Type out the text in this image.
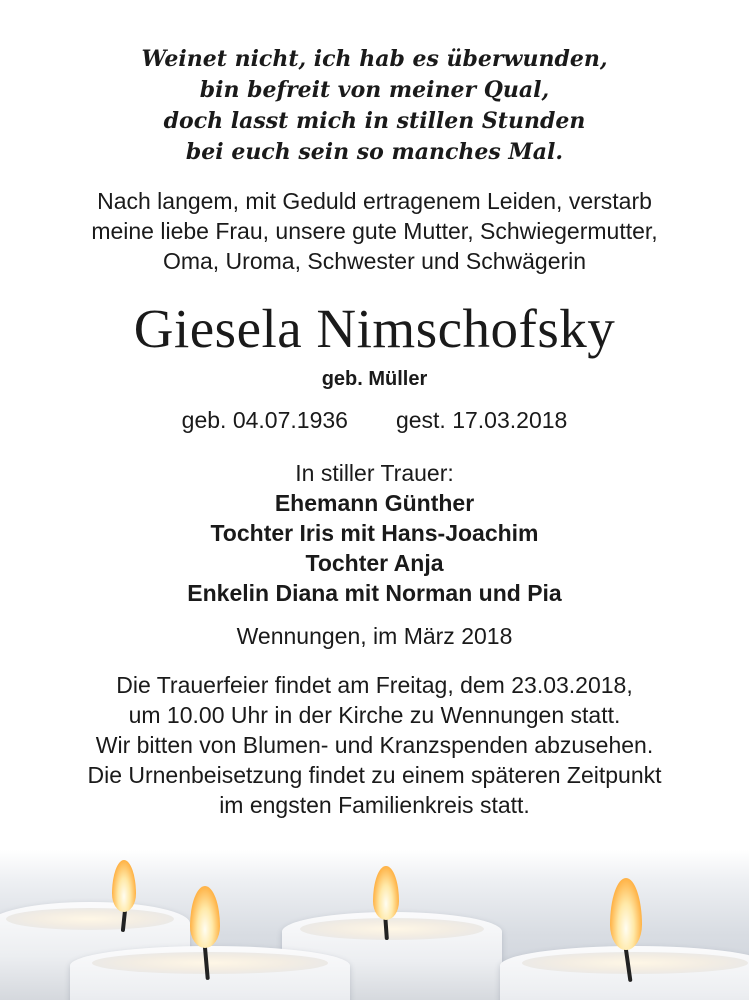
Weinet nicht, ich hab es überwunden,
bin befreit von meiner Qual,
doch lasst mich in stillen Stunden
bei euch sein so manches Mal.
Nach langem, mit Geduld ertragenem Leiden, verstarb
meine liebe Frau, unsere gute Mutter, Schwiegermutter,
Oma, Uroma, Schwester und Schwägerin
Giesela Nimschofsky
geb. Müller
geb. 04.07.1936 gest. 17.03.2018
In stiller Trauer:
Ehemann Günther
Tochter Iris mit Hans-Joachim
Tochter Anja
Enkelin Diana mit Norman und Pia
Wennungen, im März 2018
Die Trauerfeier findet am Freitag, dem 23.03.2018,
um 10.00 Uhr in der Kirche zu Wennungen statt.
Wir bitten von Blumen- und Kranzspenden abzusehen.
Die Urnenbeisetzung findet zu einem späteren Zeitpunkt
im engsten Familienkreis statt.
